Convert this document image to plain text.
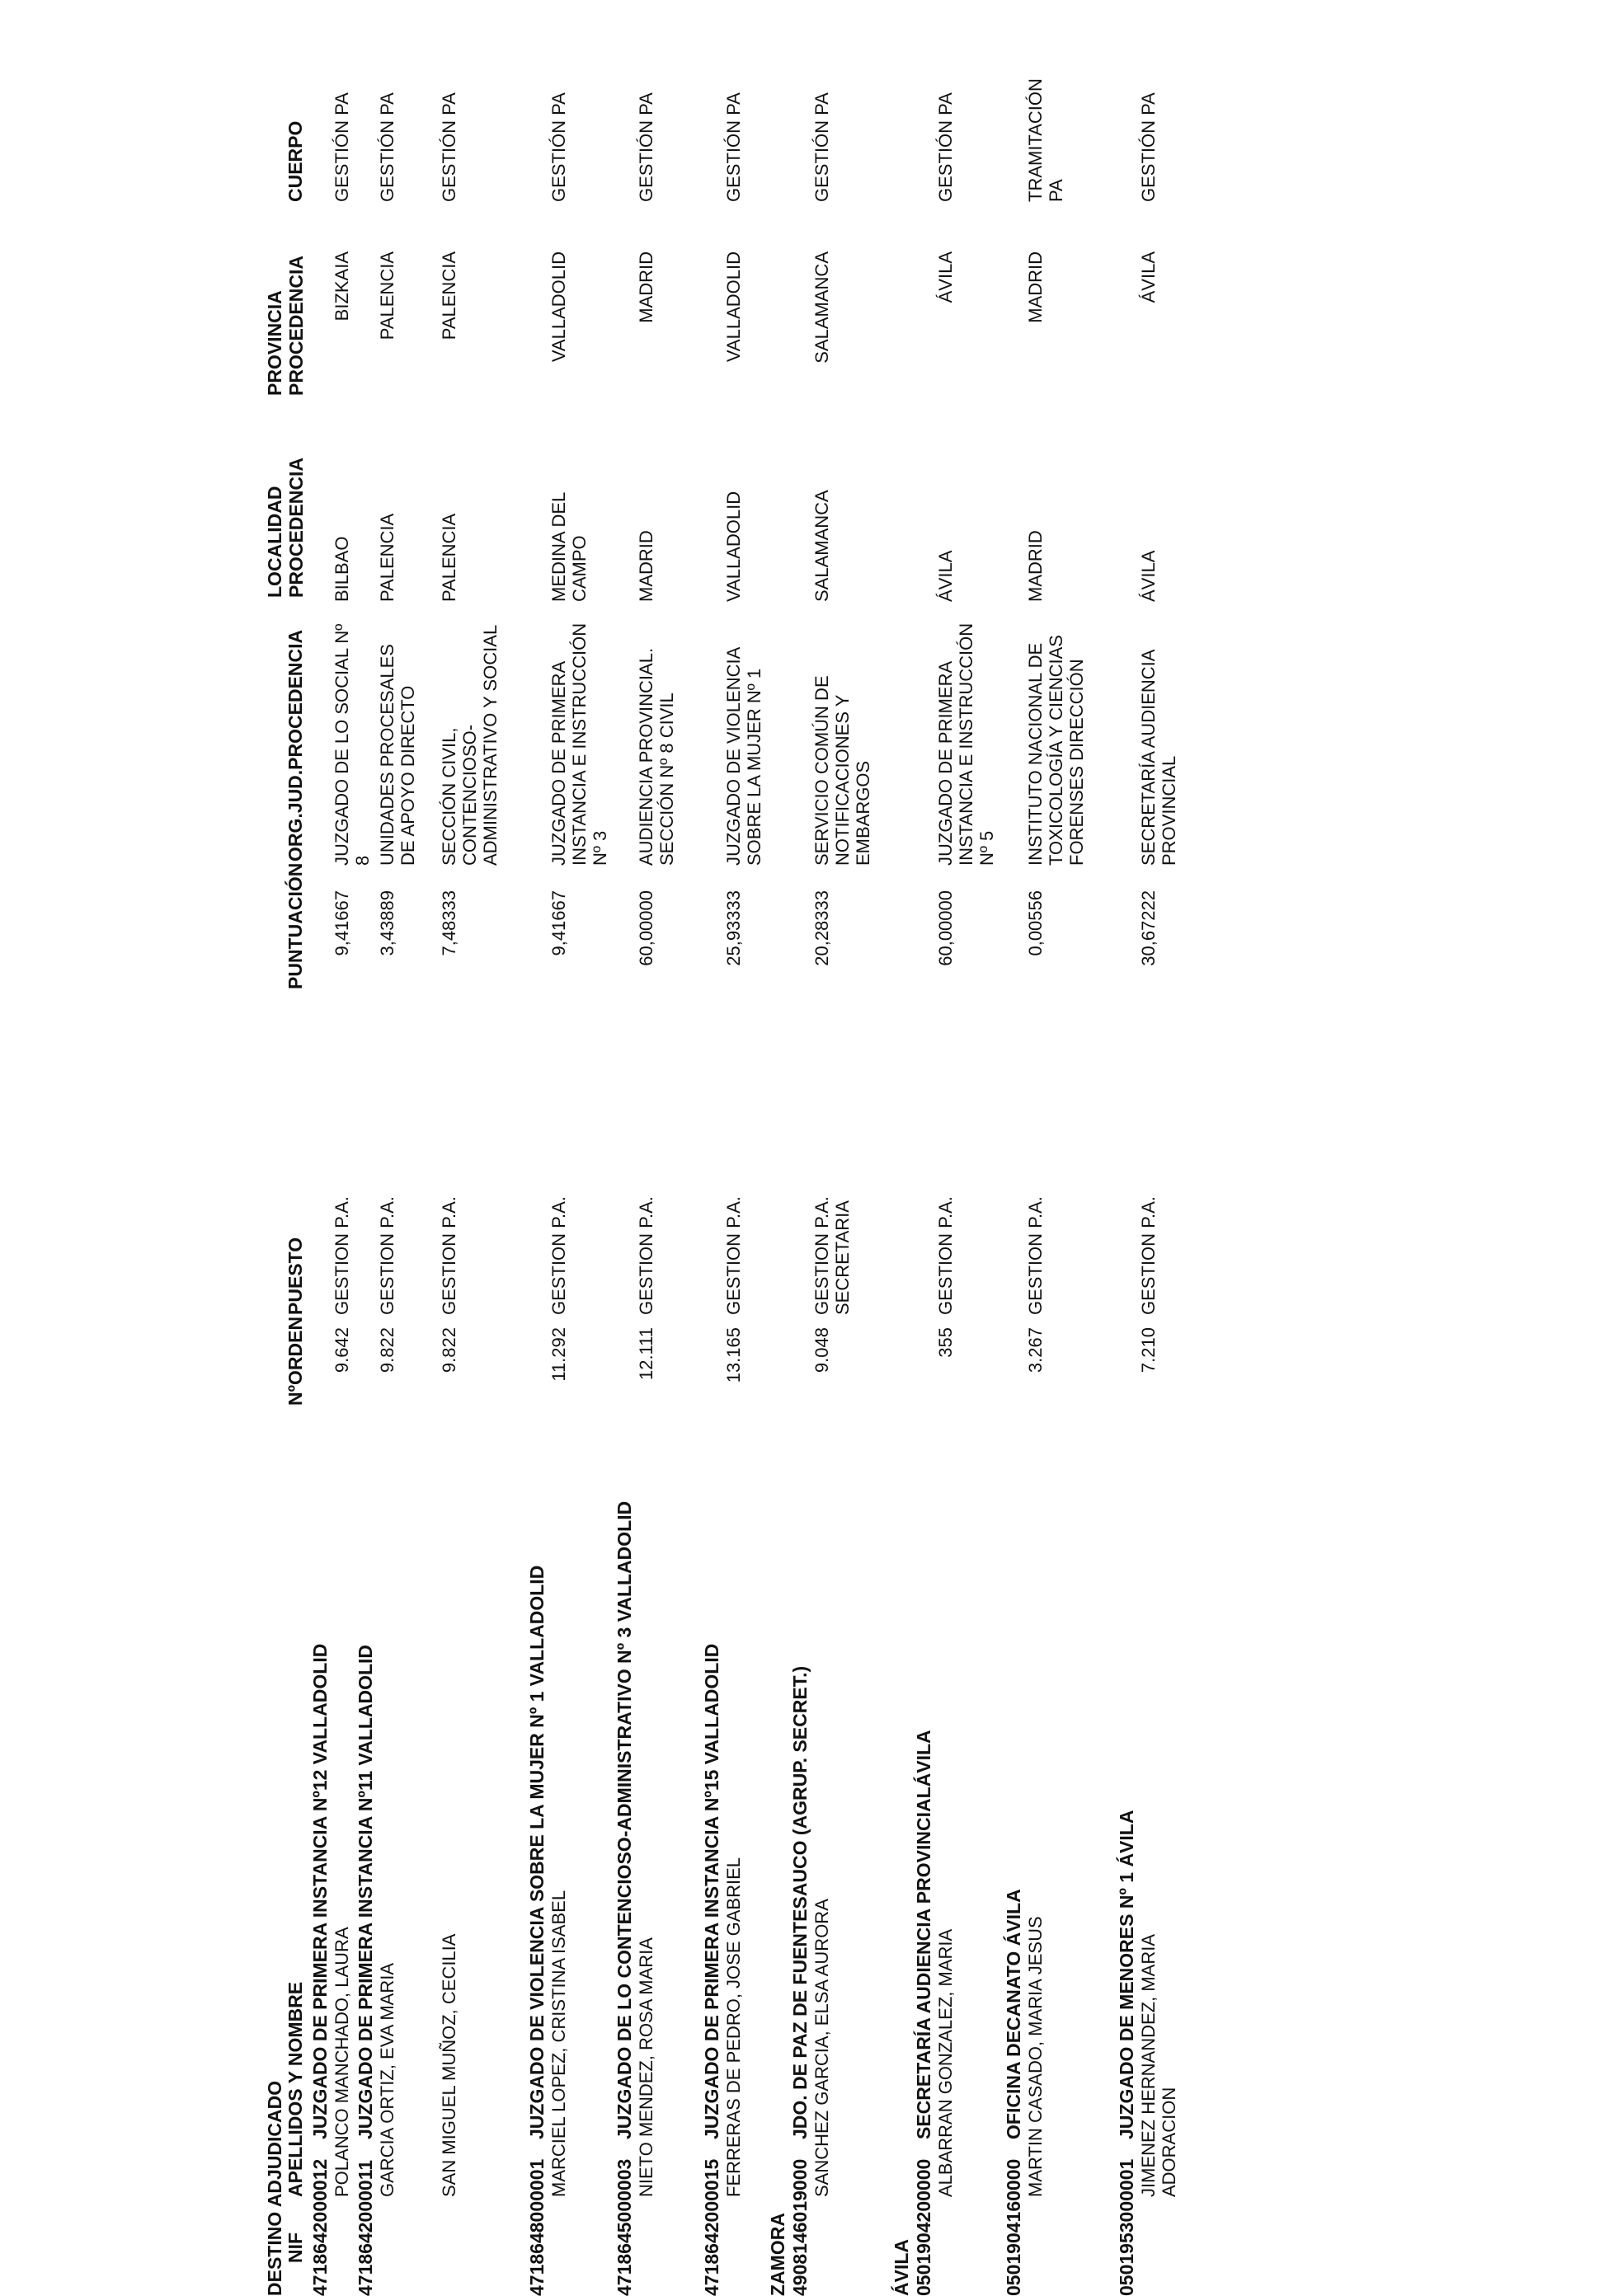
DESTINO ADJUDICADO NIF
APELLIDOS Y NOMBRE
NºORDEN
PUESTO
PUNTUACIÓN
ORG.JUD.PROCEDENCIA
LOCALIDAD PROCEDENCIA
PROVINCIA PROCEDENCIA
CUERPO
4718642000012
JUZGADO DE PRIMERA INSTANCIA Nº12 VALLADOLID POLANCO MANCHADO, LAURA
9.642
GESTION P.A.
9,41667
JUZGADO DE LO SOCIAL Nº 8
BILBAO
BIZKAIA
GESTIÓN PA
4718642000011
JUZGADO DE PRIMERA INSTANCIA Nº11 VALLADOLID GARCIA ORTIZ, EVA MARIA
9.822
GESTION P.A.
3,43889
UNIDADES PROCESALES DE APOYO DIRECTO
PALENCIA
PALENCIA
GESTIÓN PA
SAN MIGUEL MUÑOZ, CECILIA
9.822
GESTION P.A.
7,48333
SECCIÓN CIVIL, CONTENCIOSO-ADMINISTRATIVO Y SOCIAL
PALENCIA
PALENCIA
GESTIÓN PA
4718648000001
JUZGADO DE VIOLENCIA SOBRE LA MUJER Nº 1 VALLADOLID MARCIEL LOPEZ, CRISTINA ISABEL
11.292
GESTION P.A.
9,41667
JUZGADO DE PRIMERA INSTANCIA E INSTRUCCIÓN Nº 3
MEDINA DEL CAMPO
VALLADOLID
GESTIÓN PA
4718645000003
JUZGADO DE LO CONTENCIOSO-ADMINISTRATIVO Nº 3 VALLADOLID NIETO MENDEZ, ROSA MARIA
12.111
GESTION P.A.
60,00000
AUDIENCIA PROVINCIAL. SECCIÓN Nº 8 CIVIL
MADRID
MADRID
GESTIÓN PA
4718642000015
JUZGADO DE PRIMERA INSTANCIA Nº15 VALLADOLID FERRERAS DE PEDRO, JOSE GABRIEL
13.165
GESTION P.A.
25,93333
JUZGADO DE VIOLENCIA SOBRE LA MUJER Nº 1
VALLADOLID
VALLADOLID
GESTIÓN PA
ZAMORA 4908146019000
JDO. DE PAZ DE FUENTESAUCO (AGRUP. SECRET.) SANCHEZ GARCIA, ELSA AURORA
9.048
GESTION P.A. SECRETARIA
20,28333
SERVICIO COMÚN DE NOTIFICACIONES Y EMBARGOS
SALAMANCA
SALAMANCA
GESTIÓN PA
ÁVILA 0501904200000
SECRETARÍA AUDIENCIA PROVINCIALÁVILA ALBARRAN GONZALEZ, MARIA
355
GESTION P.A.
60,00000
JUZGADO DE PRIMERA INSTANCIA E INSTRUCCIÓN Nº 5
ÁVILA
ÁVILA
GESTIÓN PA
0501904160000
OFICINA DECANATO ÁVILA MARTIN CASADO, MARIA JESUS
3.267
GESTION P.A.
0,00556
INSTITUTO NACIONAL DE TOXICOLOGÍA Y CIENCIAS FORENSES DIRECCIÓN
MADRID
MADRID
TRAMITACIÓN PA
0501953000001
JUZGADO DE MENORES Nº 1 ÁVILA JIMENEZ HERNANDEZ, MARIA ADORACION
7.210
GESTION P.A.
30,67222
SECRETARÍA AUDIENCIA PROVINCIAL
ÁVILA
ÁVILA
GESTIÓN PA
